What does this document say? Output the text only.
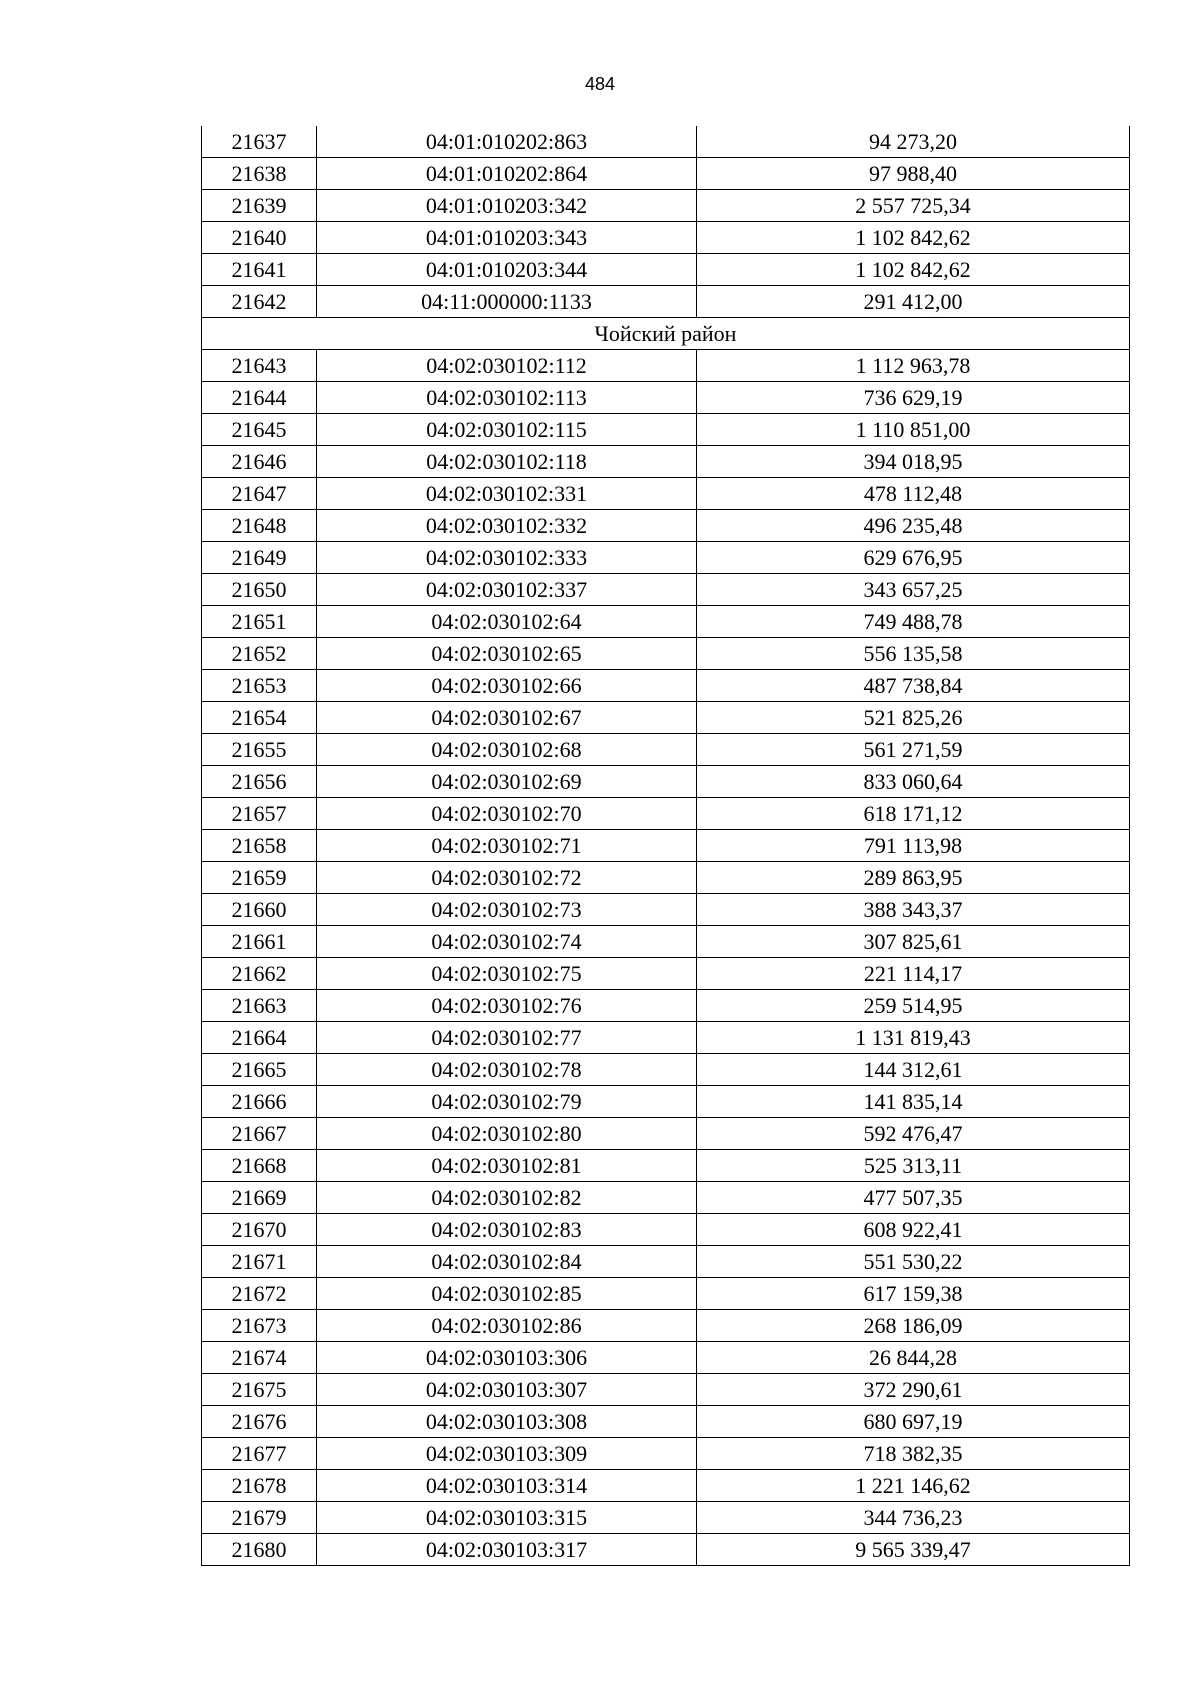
484
21637	04:01:010202:863	94 273,20
21638	04:01:010202:864	97 988,40
21639	04:01:010203:342	2 557 725,34
21640	04:01:010203:343	1 102 842,62
21641	04:01:010203:344	1 102 842,62
21642	04:11:000000:1133	291 412,00
Чойский район		
21643	04:02:030102:112	1 112 963,78
21644	04:02:030102:113	736 629,19
21645	04:02:030102:115	1 110 851,00
21646	04:02:030102:118	394 018,95
21647	04:02:030102:331	478 112,48
21648	04:02:030102:332	496 235,48
21649	04:02:030102:333	629 676,95
21650	04:02:030102:337	343 657,25
21651	04:02:030102:64	749 488,78
21652	04:02:030102:65	556 135,58
21653	04:02:030102:66	487 738,84
21654	04:02:030102:67	521 825,26
21655	04:02:030102:68	561 271,59
21656	04:02:030102:69	833 060,64
21657	04:02:030102:70	618 171,12
21658	04:02:030102:71	791 113,98
21659	04:02:030102:72	289 863,95
21660	04:02:030102:73	388 343,37
21661	04:02:030102:74	307 825,61
21662	04:02:030102:75	221 114,17
21663	04:02:030102:76	259 514,95
21664	04:02:030102:77	1 131 819,43
21665	04:02:030102:78	144 312,61
21666	04:02:030102:79	141 835,14
21667	04:02:030102:80	592 476,47
21668	04:02:030102:81	525 313,11
21669	04:02:030102:82	477 507,35
21670	04:02:030102:83	608 922,41
21671	04:02:030102:84	551 530,22
21672	04:02:030102:85	617 159,38
21673	04:02:030102:86	268 186,09
21674	04:02:030103:306	26 844,28
21675	04:02:030103:307	372 290,61
21676	04:02:030103:308	680 697,19
21677	04:02:030103:309	718 382,35
21678	04:02:030103:314	1 221 146,62
21679	04:02:030103:315	344 736,23
21680	04:02:030103:317	9 565 339,47
